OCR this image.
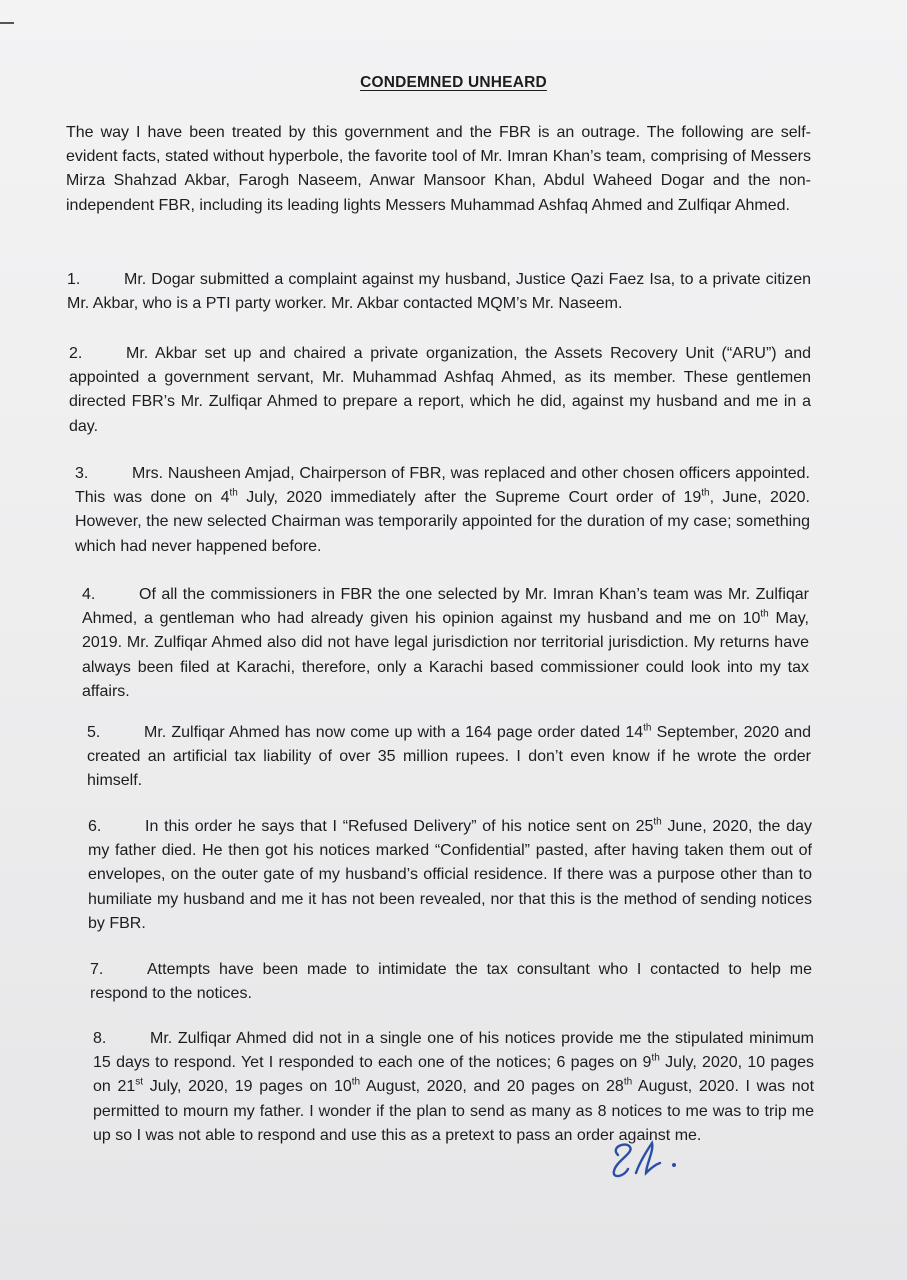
CONDEMNED UNHEARD
The way I have been treated by this government and the FBR is an outrage. The following are self-evident facts, stated without hyperbole, the favorite tool of Mr. Imran Khan’s team, comprising of Messers Mirza Shahzad Akbar, Farogh Naseem, Anwar Mansoor Khan, Abdul Waheed Dogar and the non-independent FBR, including its leading lights Messers Muhammad Ashfaq Ahmed and Zulfiqar Ahmed.
1.	Mr. Dogar submitted a complaint against my husband, Justice Qazi Faez Isa, to a private citizen Mr. Akbar, who is a PTI party worker. Mr. Akbar contacted MQM’s Mr. Naseem.
2.	Mr. Akbar set up and chaired a private organization, the Assets Recovery Unit (“ARU”) and appointed a government servant, Mr. Muhammad Ashfaq Ahmed, as its member. These gentlemen directed FBR’s Mr. Zulfiqar Ahmed to prepare a report, which he did, against my husband and me in a day.
3.	Mrs. Nausheen Amjad, Chairperson of FBR, was replaced and other chosen officers appointed. This was done on 4th July, 2020 immediately after the Supreme Court order of 19th, June, 2020. However, the new selected Chairman was temporarily appointed for the duration of my case; something which had never happened before.
4.	Of all the commissioners in FBR the one selected by Mr. Imran Khan’s team was Mr. Zulfiqar Ahmed, a gentleman who had already given his opinion against my husband and me on 10th May, 2019. Mr. Zulfiqar Ahmed also did not have legal jurisdiction nor territorial jurisdiction. My returns have always been filed at Karachi, therefore, only a Karachi based commissioner could look into my tax affairs.
5.	Mr. Zulfiqar Ahmed has now come up with a 164 page order dated 14th September, 2020 and created an artificial tax liability of over 35 million rupees. I don’t even know if he wrote the order himself.
6.	In this order he says that I “Refused Delivery” of his notice sent on 25th June, 2020, the day my father died. He then got his notices marked “Confidential” pasted, after having taken them out of envelopes, on the outer gate of my husband’s official residence. If there was a purpose other than to humiliate my husband and me it has not been revealed, nor that this is the method of sending notices by FBR.
7.	Attempts have been made to intimidate the tax consultant who I contacted to help me respond to the notices.
8.	Mr. Zulfiqar Ahmed did not in a single one of his notices provide me the stipulated minimum 15 days to respond. Yet I responded to each one of the notices; 6 pages on 9th July, 2020, 10 pages on 21st July, 2020, 19 pages on 10th August, 2020, and 20 pages on 28th August, 2020. I was not permitted to mourn my father. I wonder if the plan to send as many as 8 notices to me was to trip me up so I was not able to respond and use this as a pretext to pass an order against me.
